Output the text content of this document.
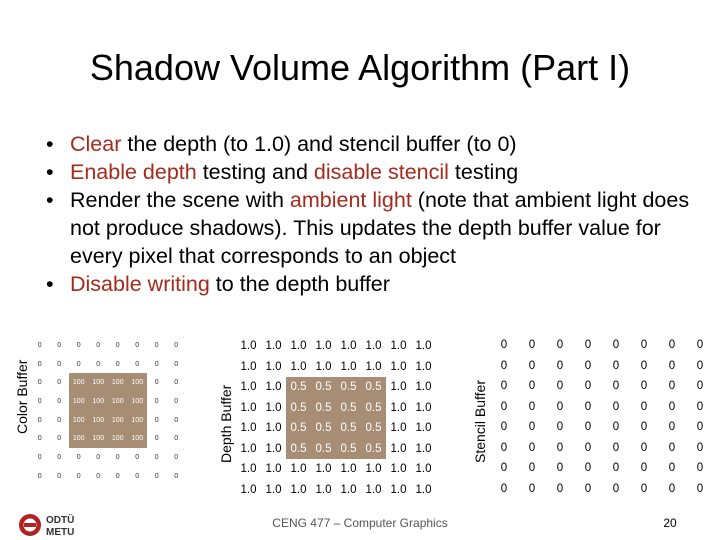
Shadow Volume Algorithm (Part I)
• Clear the depth (to 1.0) and stencil buffer (to 0)
• Enable depth testing and disable stencil testing
• Render the scene with ambient light (note that ambient light does not produce shadows). This updates the depth buffer value for every pixel that corresponds to an object
• Disable writing to the depth buffer
Color Buffer
0	0	0	0	0	0	0	0
0	0	0	0	0	0	0	0
0	0	100	100	100	100	0	0
0	0	100	100	100	100	0	0
0	0	100	100	100	100	0	0
0	0	100	100	100	100	0	0
0	0	0	0	0	0	0	0
0	0	0	0	0	0	0	0
Depth Buffer
1.0	1.0	1.0	1.0	1.0	1.0	1.0	1.0
1.0	1.0	1.0	1.0	1.0	1.0	1.0	1.0
1.0	1.0	0.5	0.5	0.5	0.5	1.0	1.0
1.0	1.0	0.5	0.5	0.5	0.5	1.0	1.0
1.0	1.0	0.5	0.5	0.5	0.5	1.0	1.0
1.0	1.0	0.5	0.5	0.5	0.5	1.0	1.0
1.0	1.0	1.0	1.0	1.0	1.0	1.0	1.0
1.0	1.0	1.0	1.0	1.0	1.0	1.0	1.0
Stencil Buffer
0	0	0	0	0	0	0	0
0	0	0	0	0	0	0	0
0	0	0	0	0	0	0	0
0	0	0	0	0	0	0	0
0	0	0	0	0	0	0	0
0	0	0	0	0	0	0	0
0	0	0	0	0	0	0	0
0	0	0	0	0	0	0	0
ODTÜ
METU
CENG 477 – Computer Graphics	20
